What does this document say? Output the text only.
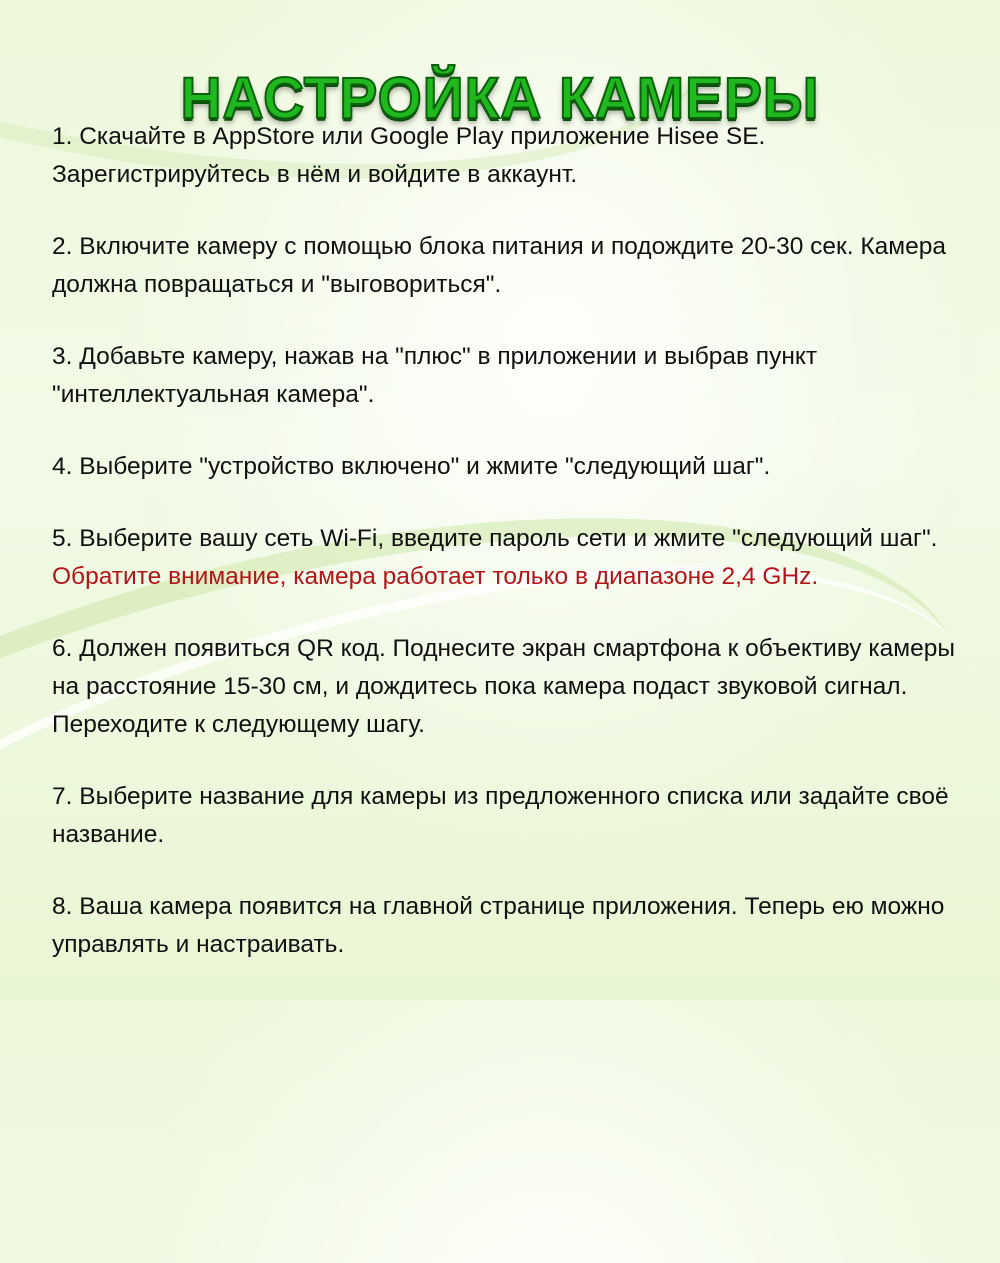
НАСТРОЙКА КАМЕРЫ
1. Скачайте в AppStore или Google Play приложение Hisee SE. Зарегистрируйтесь в нём и войдите в аккаунт.
2. Включите камеру с помощью блока питания и подождите 20-30 сек. Камера должна повращаться и "выговориться".
3. Добавьте камеру, нажав на "плюс" в приложении и выбрав пункт "интеллектуальная камера".
4. Выберите "устройство включено" и жмите "следующий шаг".
5. Выберите вашу сеть Wi-Fi, введите пароль сети и жмите "следующий шаг". Обратите внимание, камера работает только в диапазоне 2,4 GHz.
6. Должен появиться QR код. Поднесите экран смартфона к объективу камеры на расстояние 15-30 см, и дождитесь пока камера подаст звуковой сигнал. Переходите к следующему шагу.
7. Выберите название для камеры из предложенного списка или задайте своё название.
8. Ваша камера появится на главной странице приложения. Теперь ею можно управлять и настраивать.
